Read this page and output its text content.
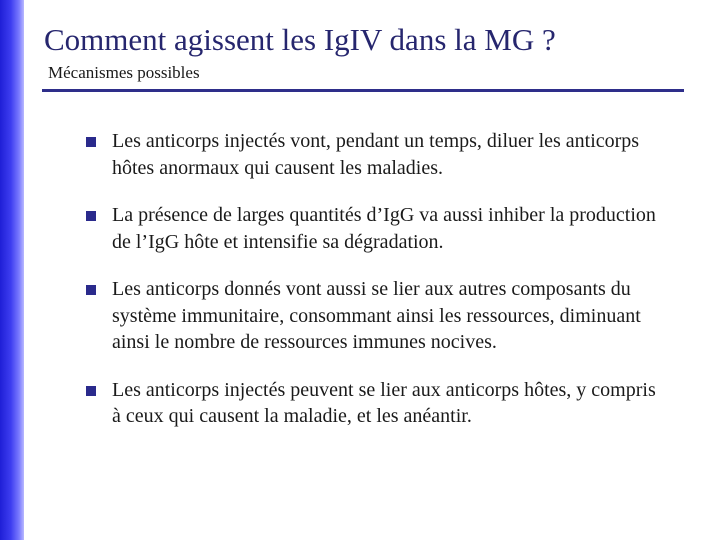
Comment agissent les IgIV dans la MG ?
Mécanismes possibles
Les anticorps injectés vont, pendant un temps, diluer les anticorps hôtes anormaux qui causent les maladies.
La présence de larges quantités d’IgG va aussi inhiber la production de l’IgG hôte et intensifie sa dégradation.
Les anticorps donnés vont aussi se lier aux autres composants du système immunitaire, consommant ainsi les ressources, diminuant ainsi le nombre de ressources immunes nocives.
Les anticorps injectés peuvent se lier aux anticorps hôtes, y compris à ceux qui causent la maladie, et les anéantir.
